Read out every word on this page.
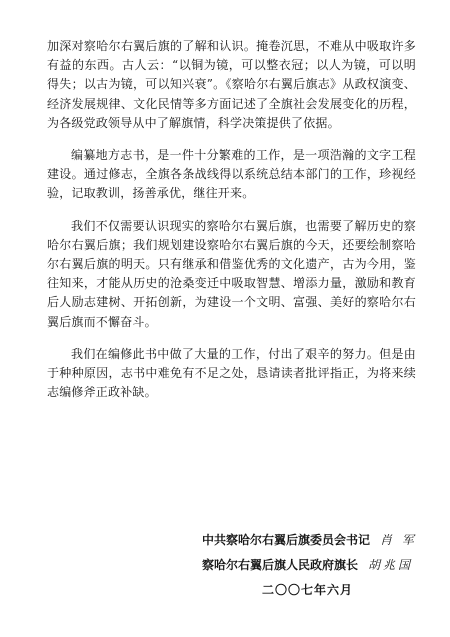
加深对察哈尔右翼后旗的了解和认识。掩卷沉思，不难从中吸取许多有益的东西。古人云：“以铜为镜，可以整衣冠；以人为镜，可以明得失；以古为镜，可以知兴衰”。《察哈尔右翼后旗志》从政权演变、经济发展规律、文化民情等多方面记述了全旗社会发展变化的历程，为各级党政领导从中了解旗情，科学决策提供了依据。

编纂地方志书，是一件十分繁难的工作，是一项浩瀚的文字工程建设。通过修志，全旗各条战线得以系统总结本部门的工作，珍视经验，记取教训，扬善承优，继往开来。

我们不仅需要认识现实的察哈尔右翼后旗，也需要了解历史的察哈尔右翼后旗；我们规划建设察哈尔右翼后旗的今天，还要绘制察哈尔右翼后旗的明天。只有继承和借鉴优秀的文化遗产，古为今用，鉴往知来，才能从历史的沧桑变迁中吸取智慧、增添力量，激励和教育后人励志建树、开拓创新，为建设一个文明、富强、美好的察哈尔右翼后旗而不懈奋斗。

我们在编修此书中做了大量的工作，付出了艰辛的努力。但是由于种种原因，志书中难免有不足之处，恳请读者批评指正，为将来续志编修斧正政补缺。

中共察哈尔右翼后旗委员会书记 肖 军
察哈尔右翼后旗人民政府旗长 胡兆国
二〇〇七年六月
